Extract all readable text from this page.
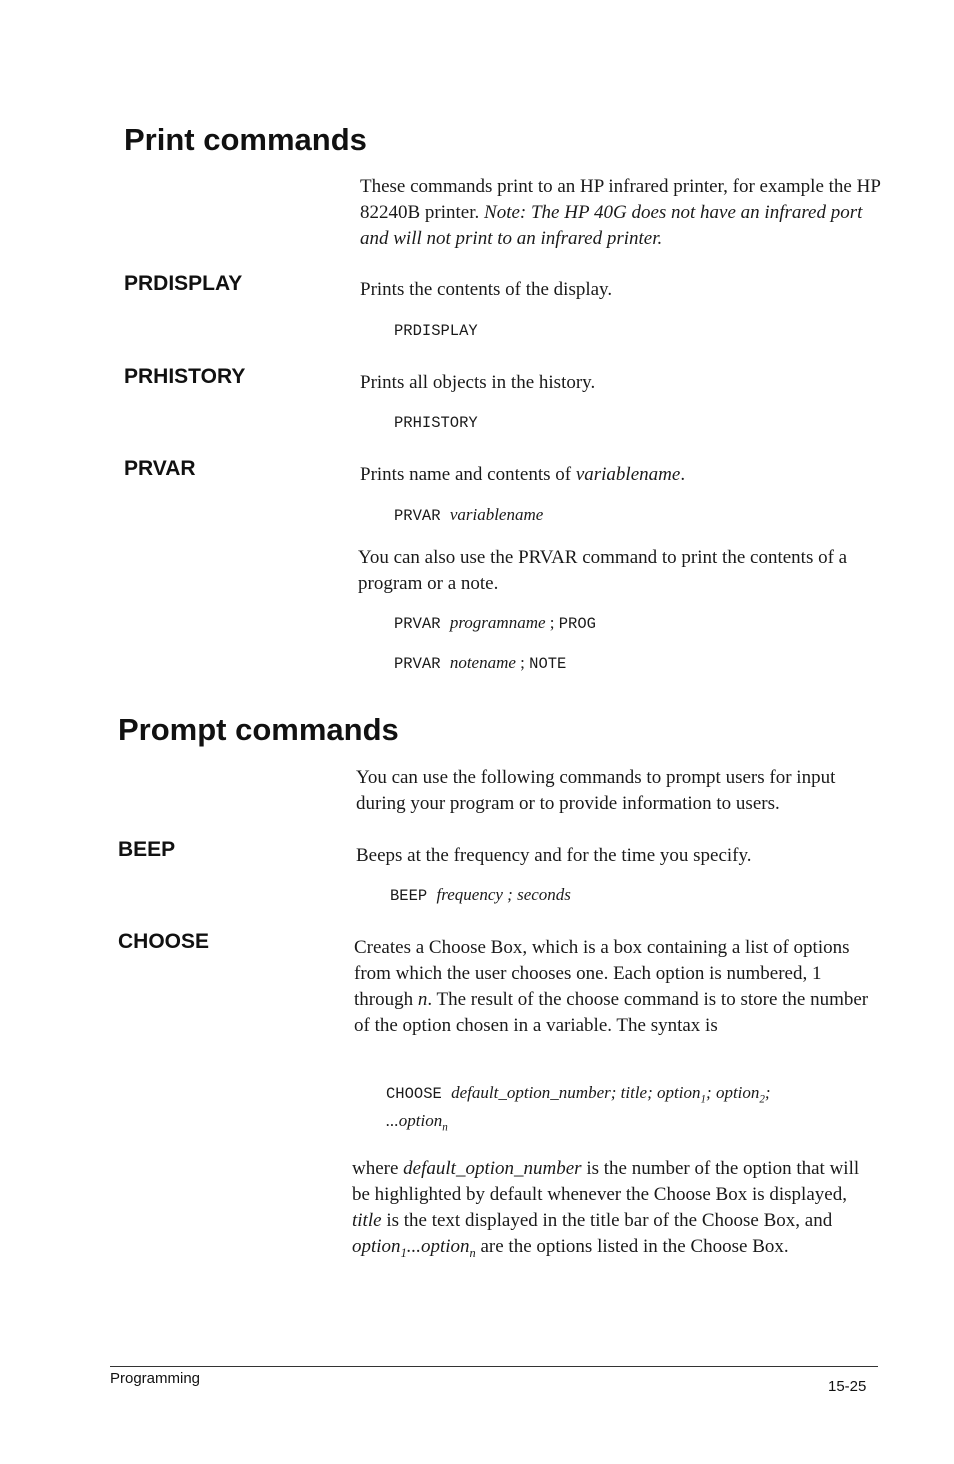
Print commands
These commands print to an HP infrared printer, for example the HP 82240B printer. Note: The HP 40G does not have an infrared port and will not print to an infrared printer.
PRDISPLAY	Prints the contents of the display.
PRDISPLAY
PRHISTORY	Prints all objects in the history.
PRHISTORY
PRVAR	Prints name and contents of variablename.
PRVAR variablename
You can also use the PRVAR command to print the contents of a program or a note.
PRVAR programname ; PROG
PRVAR notename ; NOTE
Prompt commands
You can use the following commands to prompt users for input during your program or to provide information to users.
BEEP	Beeps at the frequency and for the time you specify.
BEEP frequency ; seconds
CHOOSE	Creates a Choose Box, which is a box containing a list of options from which the user chooses one. Each option is numbered, 1 through n. The result of the choose command is to store the number of the option chosen in a variable. The syntax is
CHOOSE default_option_number; title; option$_1$; option$_2$;
...option$_n$
where default_option_number is the number of the option that will be highlighted by default whenever the Choose Box is displayed, title is the text displayed in the title bar of the Choose Box, and option$_1$...option$_n$ are the options listed in the Choose Box.
Programming	15-25
